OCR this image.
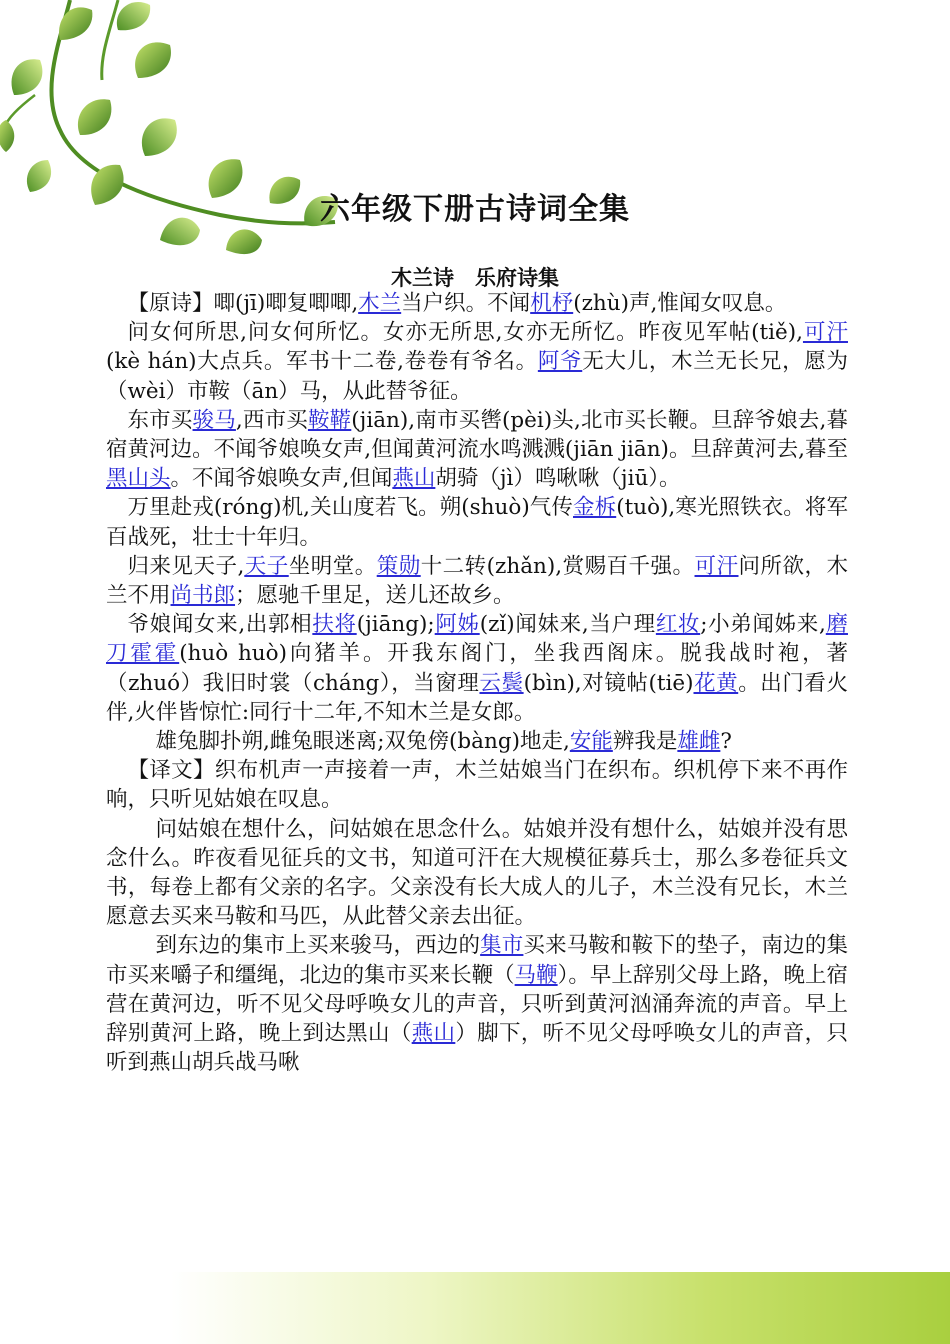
六年级下册古诗词全集
木兰诗　乐府诗集

【原诗】唧(jī)唧复唧唧,木兰当户织。不闻机杼(zhù)声,惟闻女叹息。

问女何所思,问女何所忆。女亦无所思,女亦无所忆。昨夜见军帖(tiě),可汗(kè hán)大点兵。军书十二卷,卷卷有爷名。阿爷无大儿，木兰无长兄，愿为（wèi）市鞍（ān）马，从此替爷征。

东市买骏马,西市买鞍鞯(jiān),南市买辔(pèi)头,北市买长鞭。旦辞爷娘去,暮宿黄河边。不闻爷娘唤女声,但闻黄河流水鸣溅溅(jiān jiān)。旦辞黄河去,暮至黑山头。不闻爷娘唤女声,但闻燕山胡骑（jì）鸣啾啾（jiū）。

万里赴戎(róng)机,关山度若飞。朔(shuò)气传金柝(tuò),寒光照铁衣。将军百战死，壮士十年归。

归来见天子,天子坐明堂。策勋十二转(zhǎn),赏赐百千强。可汗问所欲，木兰不用尚书郎；愿驰千里足，送儿还故乡。

爷娘闻女来,出郭相扶将(jiāng);阿姊(zǐ)闻妹来,当户理红妆;小弟闻姊来,磨刀霍霍(huò huò)向猪羊。开我东阁门，坐我西阁床。脱我战时袍，著（zhuó）我旧时裳（cháng），当窗理云鬓(bìn),对镜帖(tiē)花黄。出门看火伴,火伴皆惊忙:同行十二年,不知木兰是女郎。

雄兔脚扑朔,雌兔眼迷离;双兔傍(bàng)地走,安能辨我是雄雌?

【译文】织布机声一声接着一声，木兰姑娘当门在织布。织机停下来不再作响，只听见姑娘在叹息。

问姑娘在想什么，问姑娘在思念什么。姑娘并没有想什么，姑娘并没有思念什么。昨夜看见征兵的文书，知道可汗在大规模征募兵士，那么多卷征兵文书，每卷上都有父亲的名字。父亲没有长大成人的儿子，木兰没有兄长，木兰愿意去买来马鞍和马匹，从此替父亲去出征。

到东边的集市上买来骏马，西边的集市买来马鞍和鞍下的垫子，南边的集市买来嚼子和缰绳，北边的集市买来长鞭（马鞭）。早上辞别父母上路，晚上宿营在黄河边，听不见父母呼唤女儿的声音，只听到黄河汹涌奔流的声音。早上辞别黄河上路，晚上到达黑山（燕山）脚下，听不见父母呼唤女儿的声音，只听到燕山胡兵战马啾
